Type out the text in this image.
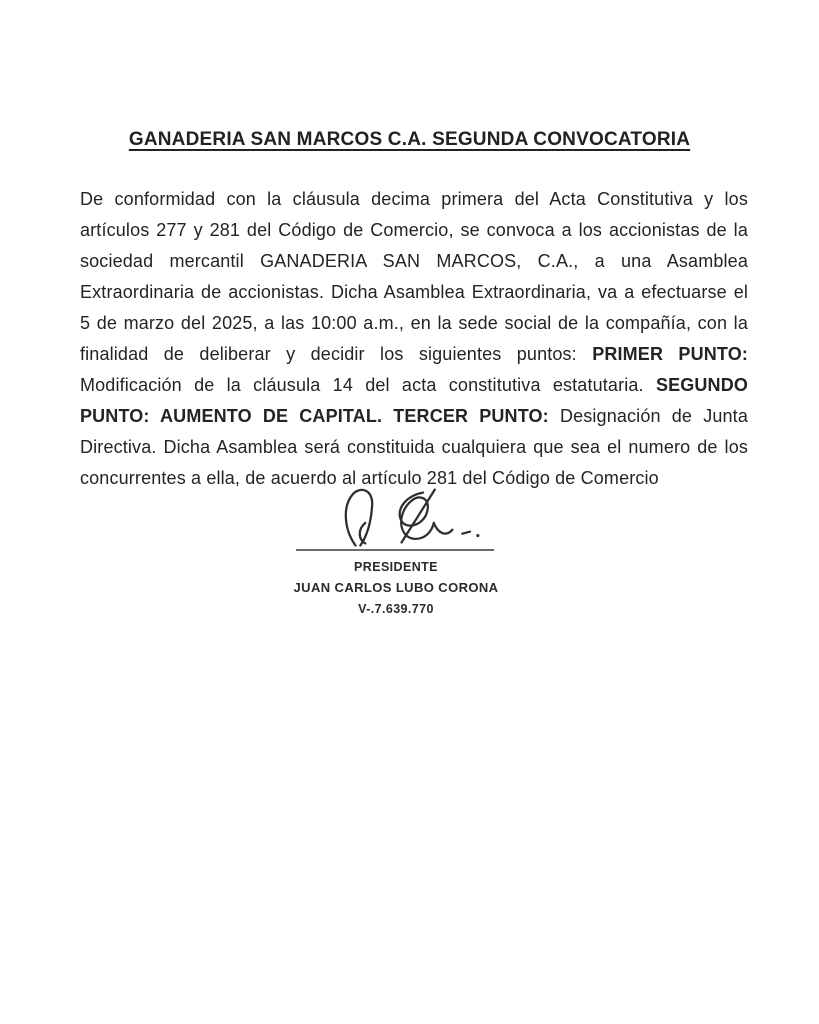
GANADERIA SAN MARCOS C.A. SEGUNDA CONVOCATORIA
De conformidad con la cláusula decima primera del Acta Constitutiva y los
artículos 277 y 281 del Código de Comercio, se convoca a los accionistas de la
sociedad mercantil GANADERIA SAN MARCOS, C.A., a una Asamblea
Extraordinaria de accionistas. Dicha Asamblea Extraordinaria, va a efectuarse el
5 de marzo del 2025, a las 10:00 a.m., en la sede social de la compañía, con la
finalidad de deliberar y decidir los siguientes puntos: PRIMER PUNTO:
Modificación de la cláusula 14 del acta constitutiva estatutaria. SEGUNDO
PUNTO: AUMENTO DE CAPITAL. TERCER PUNTO: Designación de Junta
Directiva. Dicha Asamblea será constituida cualquiera que sea el numero de los
concurrentes a ella, de acuerdo al artículo 281 del Código de Comercio

PRESIDENTE

JUAN CARLOS LUBO CORONA

V-.7.639.770
